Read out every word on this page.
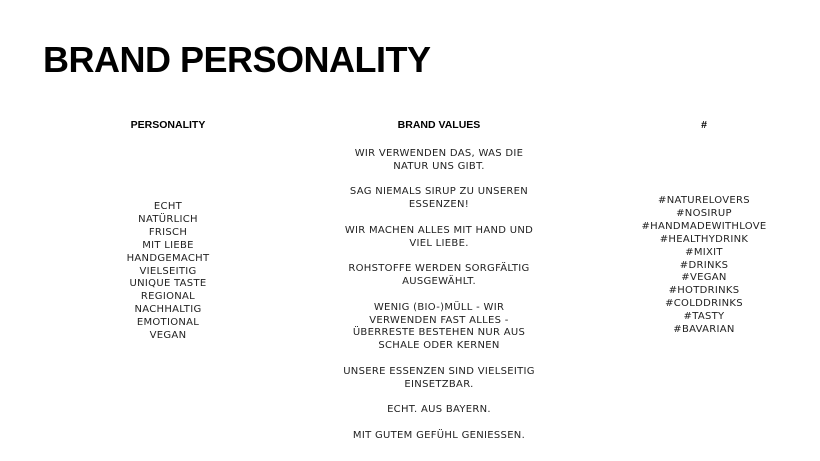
BRAND PERSONALITY
PERSONALITY	BRAND VALUES	#
ECHT
NATÜRLICH
FRISCH
MIT LIEBE
HANDGEMACHT
VIELSEITIG
UNIQUE TASTE
REGIONAL
NACHHALTIG
EMOTIONAL
VEGAN
WIR VERWENDEN DAS, WAS DIE
NATUR UNS GIBT.
SAG NIEMALS SIRUP ZU UNSEREN
ESSENZEN!
WIR MACHEN ALLES MIT HAND UND
VIEL LIEBE.
ROHSTOFFE WERDEN SORGFÄLTIG
AUSGEWÄHLT.
WENIG (BIO-)MÜLL - WIR
VERWENDEN FAST ALLES -
ÜBERRESTE BESTEHEN NUR AUS
SCHALE ODER KERNEN
UNSERE ESSENZEN SIND VIELSEITIG
EINSETZBAR.
ECHT. AUS BAYERN.
MIT GUTEM GEFÜHL GENIESSEN.
#NATURELOVERS
#NOSIRUP
#HANDMADEWITHLOVE
#HEALTHYDRINK
#MIXIT
#DRINKS
#VEGAN
#HOTDRINKS
#COLDDRINKS
#TASTY
#BAVARIAN
